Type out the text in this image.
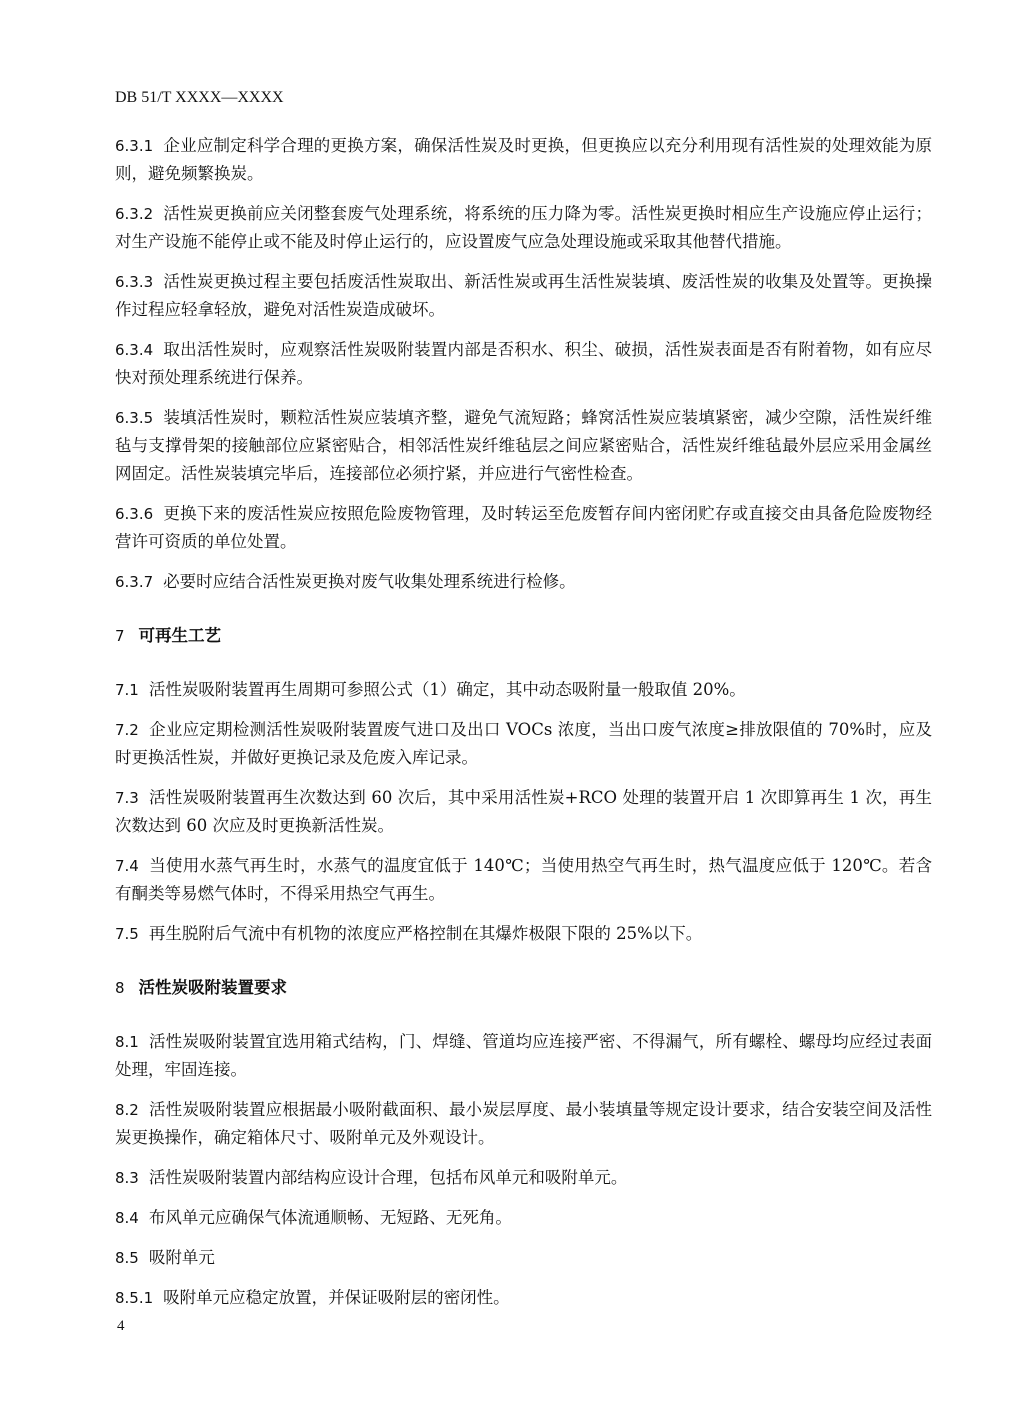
DB 51/T XXXX—XXXX
6.3.1 企业应制定科学合理的更换方案，确保活性炭及时更换，但更换应以充分利用现有活性炭的处理效能为原则，避免频繁换炭。
6.3.2 活性炭更换前应关闭整套废气处理系统，将系统的压力降为零。活性炭更换时相应生产设施应停止运行；对生产设施不能停止或不能及时停止运行的，应设置废气应急处理设施或采取其他替代措施。
6.3.3 活性炭更换过程主要包括废活性炭取出、新活性炭或再生活性炭装填、废活性炭的收集及处置等。更换操作过程应轻拿轻放，避免对活性炭造成破坏。
6.3.4 取出活性炭时，应观察活性炭吸附装置内部是否积水、积尘、破损，活性炭表面是否有附着物，如有应尽快对预处理系统进行保养。
6.3.5 装填活性炭时，颗粒活性炭应装填齐整，避免气流短路；蜂窝活性炭应装填紧密，减少空隙，活性炭纤维毡与支撑骨架的接触部位应紧密贴合，相邻活性炭纤维毡层之间应紧密贴合，活性炭纤维毡最外层应采用金属丝网固定。活性炭装填完毕后，连接部位必须拧紧，并应进行气密性检查。
6.3.6 更换下来的废活性炭应按照危险废物管理，及时转运至危废暂存间内密闭贮存或直接交由具备危险废物经营许可资质的单位处置。
6.3.7 必要时应结合活性炭更换对废气收集处理系统进行检修。
7 可再生工艺
7.1 活性炭吸附装置再生周期可参照公式（1）确定，其中动态吸附量一般取值 20%。
7.2 企业应定期检测活性炭吸附装置废气进口及出口 VOCs 浓度，当出口废气浓度≥排放限值的 70%时，应及时更换活性炭，并做好更换记录及危废入库记录。
7.3 活性炭吸附装置再生次数达到 60 次后，其中采用活性炭+RCO 处理的装置开启 1 次即算再生 1 次，再生次数达到 60 次应及时更换新活性炭。
7.4 当使用水蒸气再生时，水蒸气的温度宜低于 140℃；当使用热空气再生时，热气温度应低于 120℃。若含有酮类等易燃气体时，不得采用热空气再生。
7.5 再生脱附后气流中有机物的浓度应严格控制在其爆炸极限下限的 25%以下。
8 活性炭吸附装置要求
8.1 活性炭吸附装置宜选用箱式结构，门、焊缝、管道均应连接严密、不得漏气，所有螺栓、螺母均应经过表面处理，牢固连接。
8.2 活性炭吸附装置应根据最小吸附截面积、最小炭层厚度、最小装填量等规定设计要求，结合安装空间及活性炭更换操作，确定箱体尺寸、吸附单元及外观设计。
8.3 活性炭吸附装置内部结构应设计合理，包括布风单元和吸附单元。
8.4 布风单元应确保气体流通顺畅、无短路、无死角。
8.5 吸附单元
8.5.1 吸附单元应稳定放置，并保证吸附层的密闭性。
4
